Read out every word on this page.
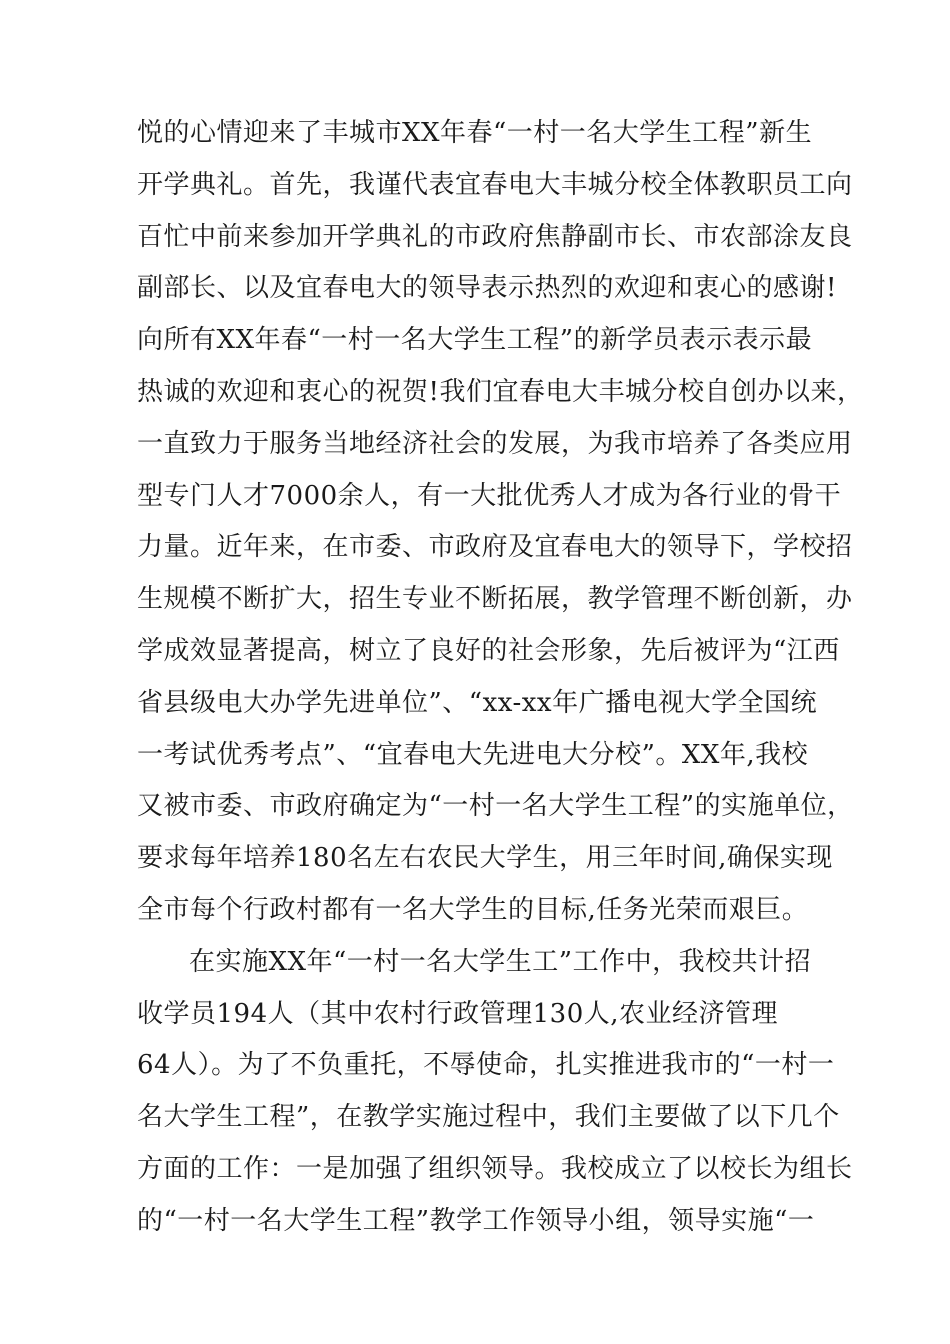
悦的心情迎来了丰城市XX年春“一村一名大学生工程”新生
开学典礼。首先，我谨代表宜春电大丰城分校全体教职员工向
百忙中前来参加开学典礼的市政府焦静副市长、市农部涂友良
副部长、以及宜春电大的领导表示热烈的欢迎和衷心的感谢!
向所有XX年春“一村一名大学生工程”的新学员表示表示最
热诚的欢迎和衷心的祝贺!我们宜春电大丰城分校自创办以来，
一直致力于服务当地经济社会的发展，为我市培养了各类应用
型专门人才7000余人，有一大批优秀人才成为各行业的骨干
力量。近年来，在市委、市政府及宜春电大的领导下，学校招
生规模不断扩大，招生专业不断拓展，教学管理不断创新，办
学成效显著提高，树立了良好的社会形象，先后被评为“江西
省县级电大办学先进单位”、“xx-xx年广播电视大学全国统
一考试优秀考点”、“宜春电大先进电大分校”。XX年,我校
又被市委、市政府确定为“一村一名大学生工程”的实施单位，
要求每年培养180名左右农民大学生，用三年时间,确保实现
全市每个行政村都有一名大学生的目标,任务光荣而艰巨。
在实施XX年“一村一名大学生工”工作中，我校共计招
收学员194人（其中农村行政管理130人,农业经济管理
64人）。为了不负重托，不辱使命，扎实推进我市的“一村一
名大学生工程”，在教学实施过程中，我们主要做了以下几个
方面的工作：一是加强了组织领导。我校成立了以校长为组长
的“一村一名大学生工程”教学工作领导小组，领导实施“一
